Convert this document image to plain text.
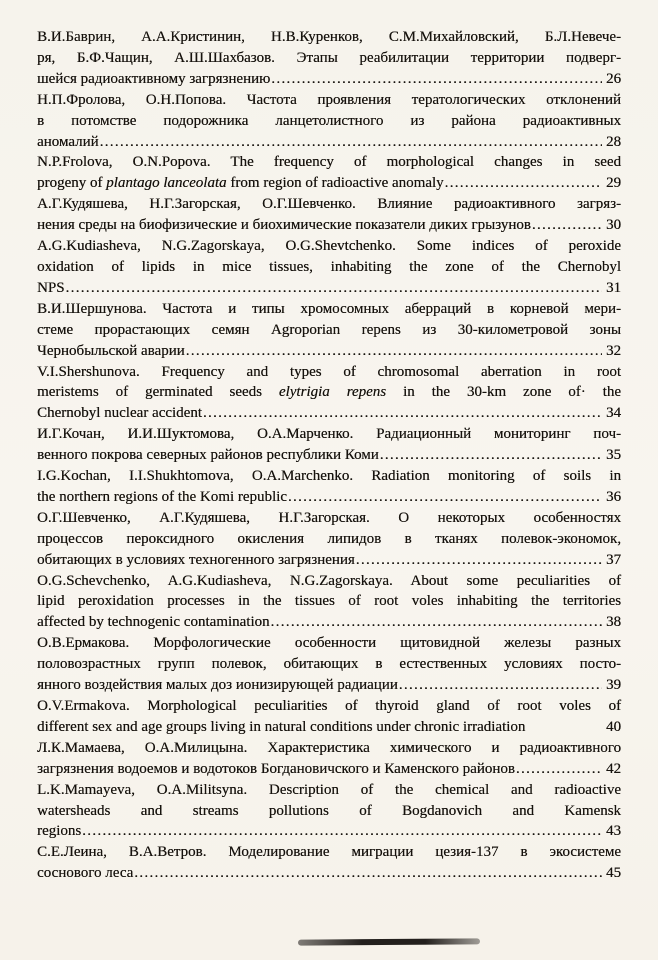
В.И.Баврин, А.А.Кристинин, Н.В.Куренков, С.М.Михайловский, Б.Л.Невече-
ря, Б.Ф.Чащин, А.Ш.Шахбазов. Этапы реабилитации территории подверг-
шейся радиоактивному загрязнению .....	26
Н.П.Фролова, О.Н.Попова. Частота проявления тератологических отклонений
в потомстве подорожника ланцетолистного из района радиоактивных
аномалий .....	28
N.P.Frolova, O.N.Popova. The frequency of morphological changes in seed
progeny of plantago lanceolata from region of radioactive anomaly .....	29
А.Г.Кудяшева, Н.Г.Загорская, О.Г.Шевченко. Влияние радиоактивного загряз-
нения среды на биофизические и биохимические показатели диких грызунов .....	30
A.G.Kudiasheva, N.G.Zagorskaya, O.G.Shevtchenko. Some indices of peroxide
oxidation of lipids in mice tissues, inhabiting the zone of the Chernobyl
NPS .....	31
В.И.Шершунова. Частота и типы хромосомных аберраций в корневой мери-
стеме прорастающих семян Agroporian repens из 30-километровой зоны
Чернобыльской аварии .....	32
V.I.Shershunova. Frequency and types of chromosomal aberration in root
meristems of germinated seeds elytrigia repens in the 30-km zone of· the
Chernobyl nuclear accident .....	34
И.Г.Кочан, И.И.Шуктомова, О.А.Марченко. Радиационный мониторинг поч-
венного покрова северных районов республики Коми .....	35
I.G.Kochan, I.I.Shukhtomova, O.A.Marchenko. Radiation monitoring of soils in
the northern regions of the Komi republic .....	36
О.Г.Шевченко, А.Г.Кудяшева, Н.Г.Загорская. О некоторых особенностях
процессов пероксидного окисления липидов в тканях полевок-экономок,
обитающих в условиях техногенного загрязнения .....	37
O.G.Schevchenko, A.G.Kudiasheva, N.G.Zagorskaya. About some peculiarities of
lipid peroxidation processes in the tissues of root voles inhabiting the territories
affected by technogenic contamination .....	38
О.В.Ермакова. Морфологические особенности щитовидной железы разных
половозрастных групп полевок, обитающих в естественных условиях посто-
янного воздействия малых доз ионизирующей радиации .....	39
O.V.Ermakova. Morphological peculiarities of thyroid gland of root voles of
different sex and age groups living in natural conditions under chronic irradiation	40
Л.К.Мамаева, О.А.Милицына. Характеристика химического и радиоактивного
загрязнения водоемов и водотоков Богдановичского и Каменского районов .....	42
L.K.Mamayeva, O.A.Militsyna. Description of the chemical and radioactive
watersheads and streams pollutions of Bogdanovich and Kamensk
regions .....	43
С.Е.Леина, В.А.Ветров. Моделирование миграции цезия-137 в экосистеме
соснового леса .....	45
